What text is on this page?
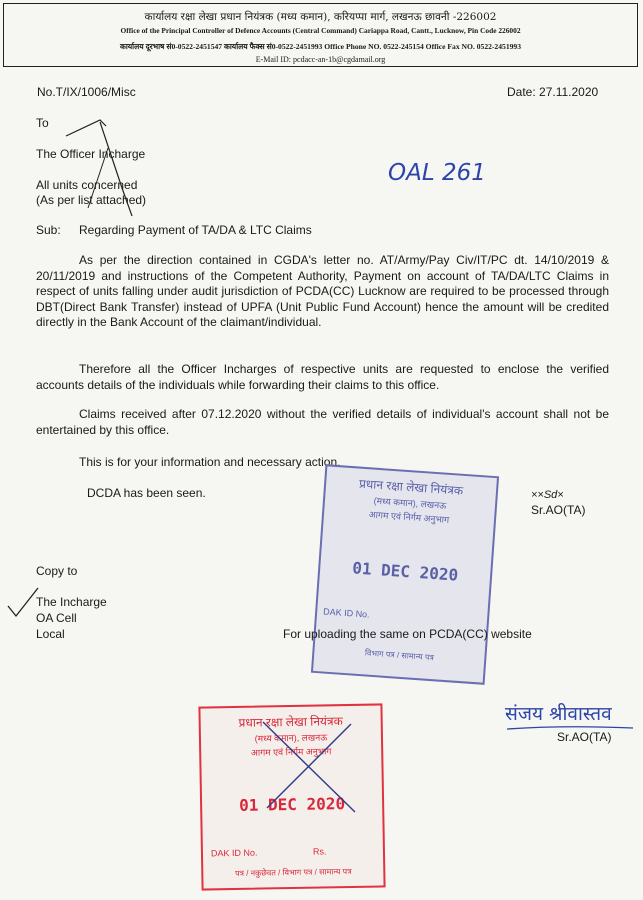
कार्यालय रक्षा लेखा प्रधान नियंत्रक (मध्य कमान), करियप्पा मार्ग, लखनऊ छावनी -226002
Office of the Principal Controller of Defence Accounts (Central Command) Cariappa Road, Cantt., Lucknow, Pin Code 226002
कार्यालय दूरभाष सं0-0522-2451547 कार्यालय फैक्स सं0-0522-2451993 Office Phone NO. 0522-245154 Office Fax NO. 0522-2451993
E-Mail ID: pcdacc-an-1b@cgdamail.org
No.T/IX/1006/Misc	Date: 27.11.2020
To
The Officer Incharge
All units concerned
(As per list attached)
OAL 261
Sub: Regarding Payment of TA/DA & LTC Claims
As per the direction contained in CGDA's letter no. AT/Army/Pay Civ/IT/PC dt. 14/10/2019 & 20/11/2019 and instructions of the Competent Authority, Payment on account of TA/DA/LTC Claims in respect of units falling under audit jurisdiction of PCDA(CC) Lucknow are required to be processed through DBT(Direct Bank Transfer) instead of UPFA (Unit Public Fund Account) hence the amount will be credited directly in the Bank Account of the claimant/individual.
Therefore all the Officer Incharges of respective units are requested to enclose the verified accounts details of the individuals while forwarding their claims to this office.
Claims received after 07.12.2020 without the verified details of individual's account shall not be entertained by this office.
This is for your information and necessary action.
DCDA has been seen.	××Sd×
Sr.AO(TA)
प्रधान रक्षा लेखा नियंत्रक
(मध्य कमान), लखनऊ
आगम एवं निर्गम अनुभाग
01 DEC 2020
DAK ID No.
विभाग पत्र / सामान्य पत्र
Copy to
The Incharge
OA Cell
Local	For uploading the same on PCDA(CC) website
संजय श्रीवास्तव
Sr.AO(TA)
प्रधान रक्षा लेखा नियंत्रक
(मध्य कमान), लखनऊ
आगम एवं निर्गम अनुभाग
01 DEC 2020
DAK ID No.	Rs.
पत्र / नकुछेवत / विभाग पत्र / सामान्य पत्र
